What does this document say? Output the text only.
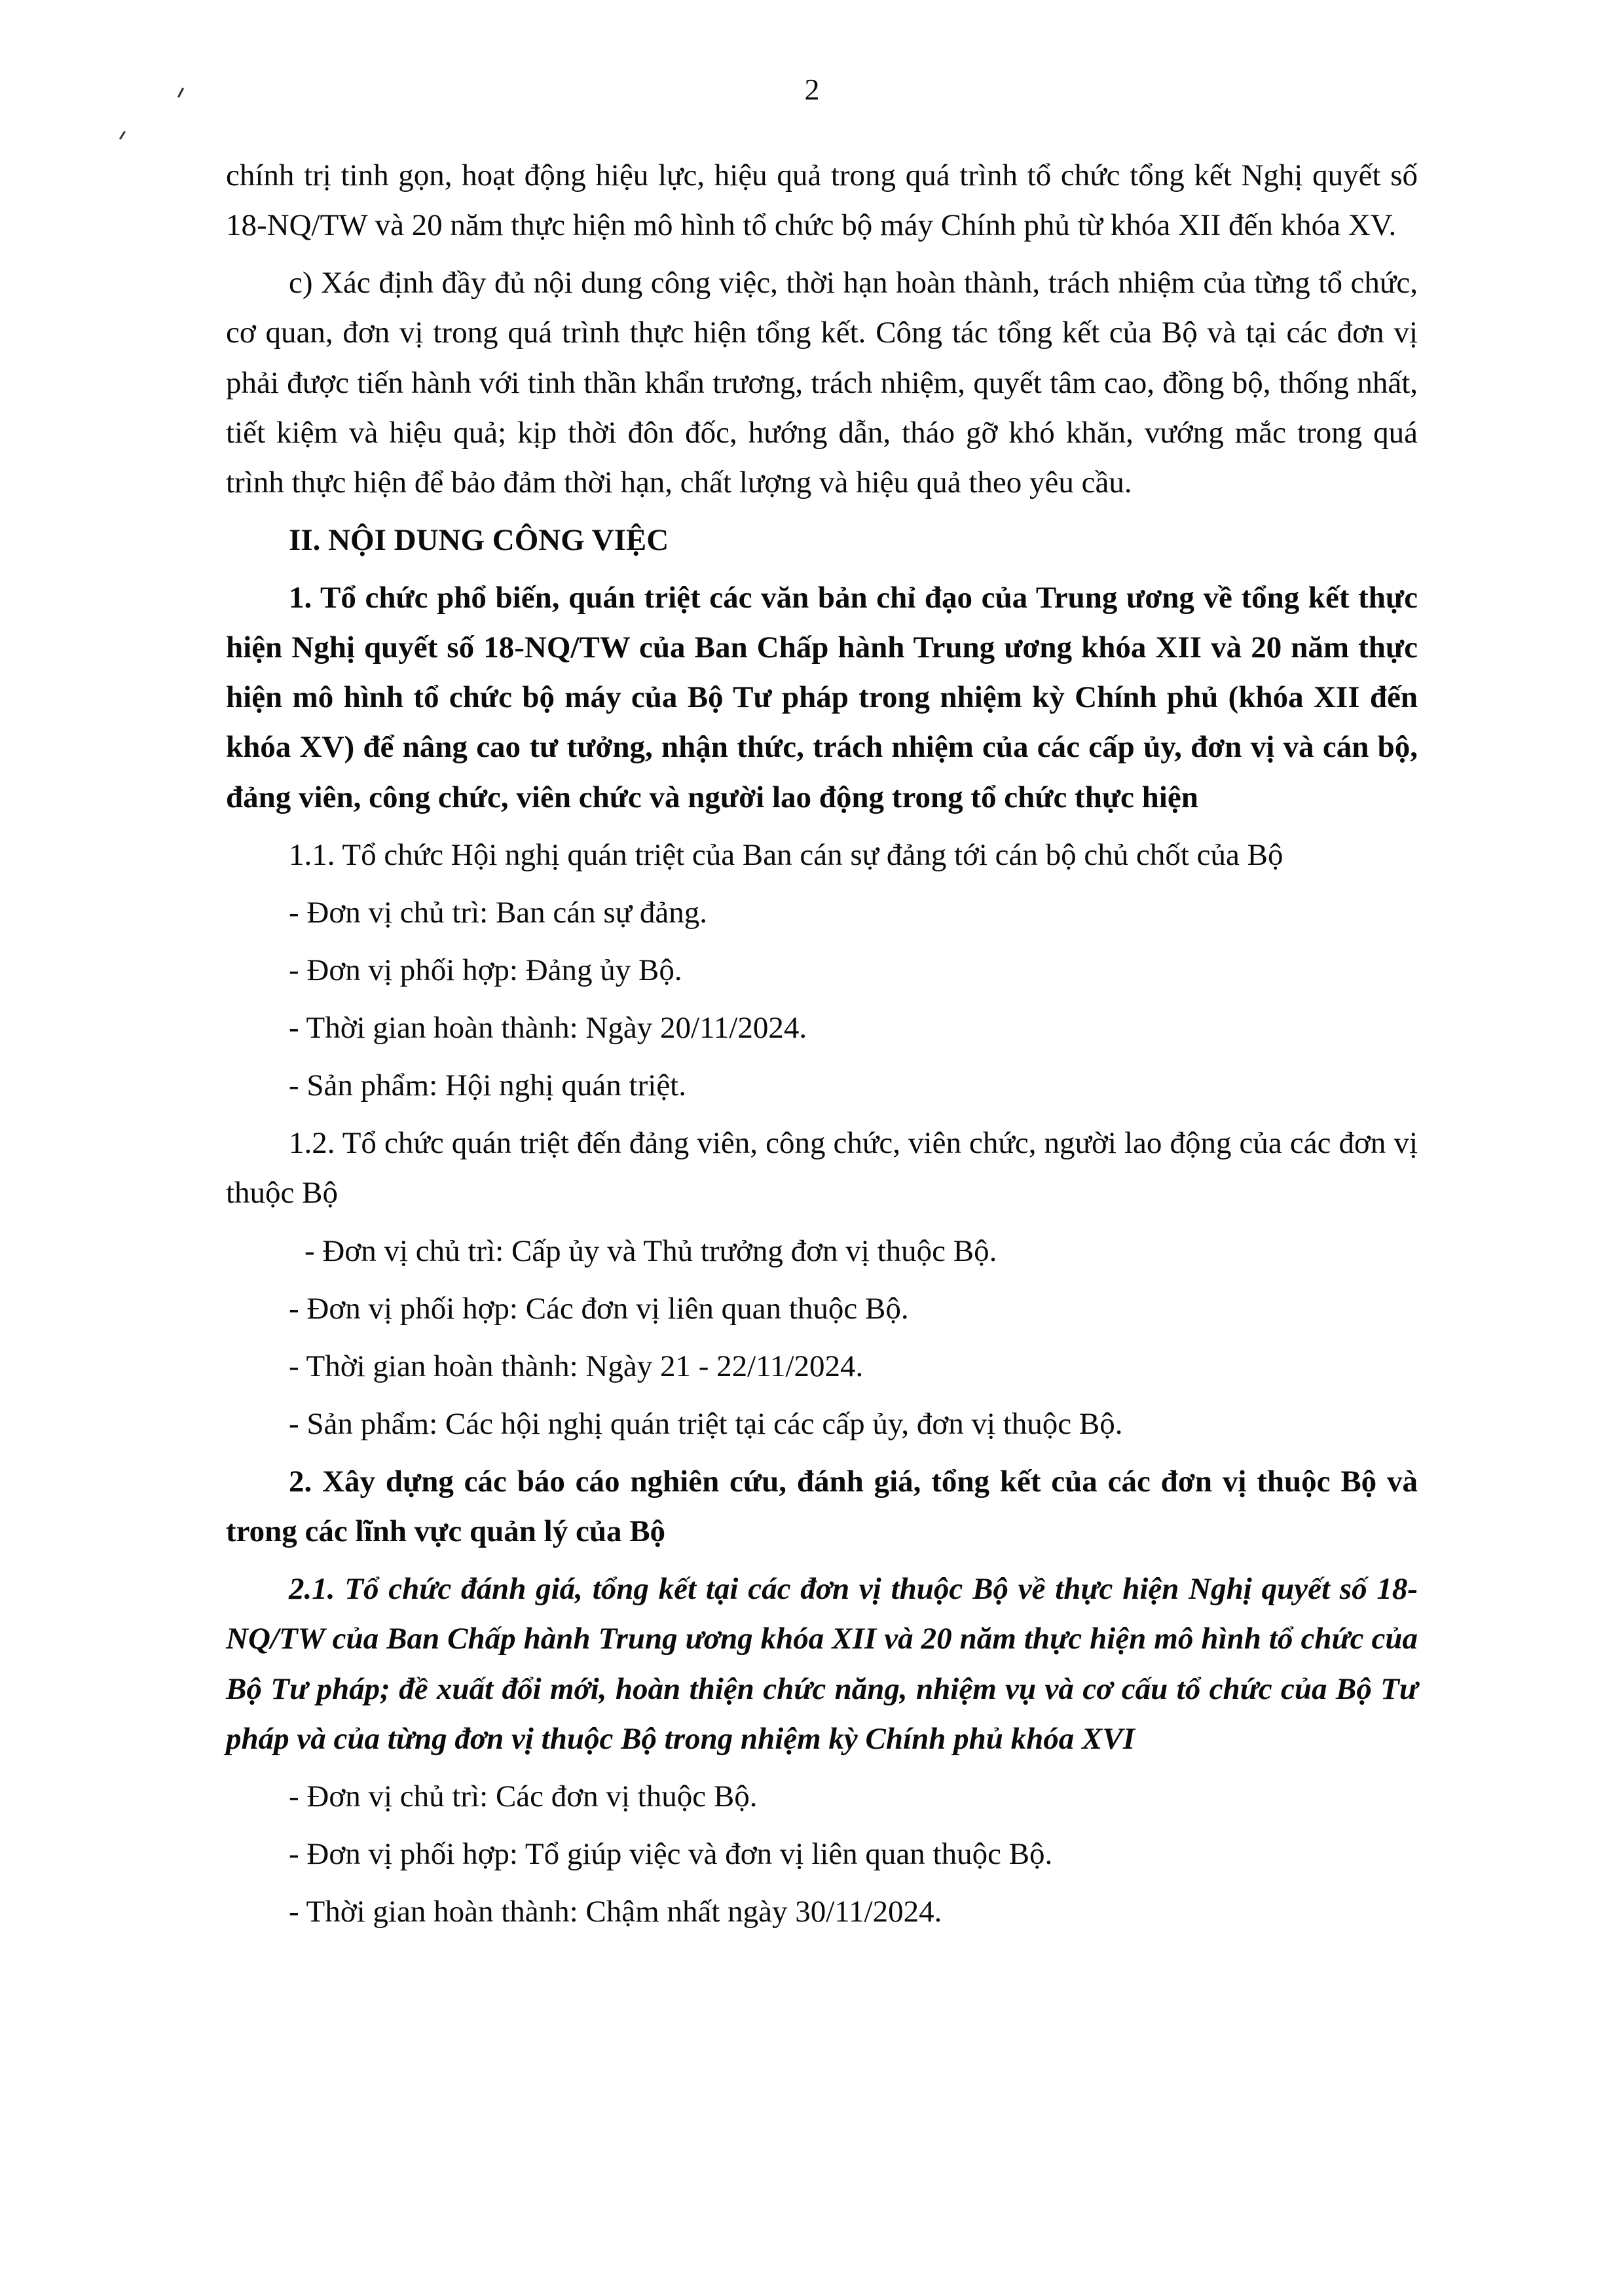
2

chính trị tinh gọn, hoạt động hiệu lực, hiệu quả trong quá trình tổ chức tổng kết Nghị quyết số 18-NQ/TW và 20 năm thực hiện mô hình tổ chức bộ máy Chính phủ từ khóa XII đến khóa XV.

c) Xác định đầy đủ nội dung công việc, thời hạn hoàn thành, trách nhiệm của từng tổ chức, cơ quan, đơn vị trong quá trình thực hiện tổng kết. Công tác tổng kết của Bộ và tại các đơn vị phải được tiến hành với tinh thần khẩn trương, trách nhiệm, quyết tâm cao, đồng bộ, thống nhất, tiết kiệm và hiệu quả; kịp thời đôn đốc, hướng dẫn, tháo gỡ khó khăn, vướng mắc trong quá trình thực hiện để bảo đảm thời hạn, chất lượng và hiệu quả theo yêu cầu.

II. NỘI DUNG CÔNG VIỆC

1. Tổ chức phổ biến, quán triệt các văn bản chỉ đạo của Trung ương về tổng kết thực hiện Nghị quyết số 18-NQ/TW của Ban Chấp hành Trung ương khóa XII và 20 năm thực hiện mô hình tổ chức bộ máy của Bộ Tư pháp trong nhiệm kỳ Chính phủ (khóa XII đến khóa XV) để nâng cao tư tưởng, nhận thức, trách nhiệm của các cấp ủy, đơn vị và cán bộ, đảng viên, công chức, viên chức và người lao động trong tổ chức thực hiện

1.1. Tổ chức Hội nghị quán triệt của Ban cán sự đảng tới cán bộ chủ chốt của Bộ

- Đơn vị chủ trì: Ban cán sự đảng.

- Đơn vị phối hợp: Đảng ủy Bộ.

- Thời gian hoàn thành: Ngày 20/11/2024.

- Sản phẩm: Hội nghị quán triệt.

1.2. Tổ chức quán triệt đến đảng viên, công chức, viên chức, người lao động của các đơn vị thuộc Bộ

- Đơn vị chủ trì: Cấp ủy và Thủ trưởng đơn vị thuộc Bộ.

- Đơn vị phối hợp: Các đơn vị liên quan thuộc Bộ.

- Thời gian hoàn thành: Ngày 21 - 22/11/2024.

- Sản phẩm: Các hội nghị quán triệt tại các cấp ủy, đơn vị thuộc Bộ.

2. Xây dựng các báo cáo nghiên cứu, đánh giá, tổng kết của các đơn vị thuộc Bộ và trong các lĩnh vực quản lý của Bộ

2.1. Tổ chức đánh giá, tổng kết tại các đơn vị thuộc Bộ về thực hiện Nghị quyết số 18-NQ/TW của Ban Chấp hành Trung ương khóa XII và 20 năm thực hiện mô hình tổ chức của Bộ Tư pháp; đề xuất đổi mới, hoàn thiện chức năng, nhiệm vụ và cơ cấu tổ chức của Bộ Tư pháp và của từng đơn vị thuộc Bộ trong nhiệm kỳ Chính phủ khóa XVI

- Đơn vị chủ trì: Các đơn vị thuộc Bộ.

- Đơn vị phối hợp: Tổ giúp việc và đơn vị liên quan thuộc Bộ.

- Thời gian hoàn thành: Chậm nhất ngày 30/11/2024.
